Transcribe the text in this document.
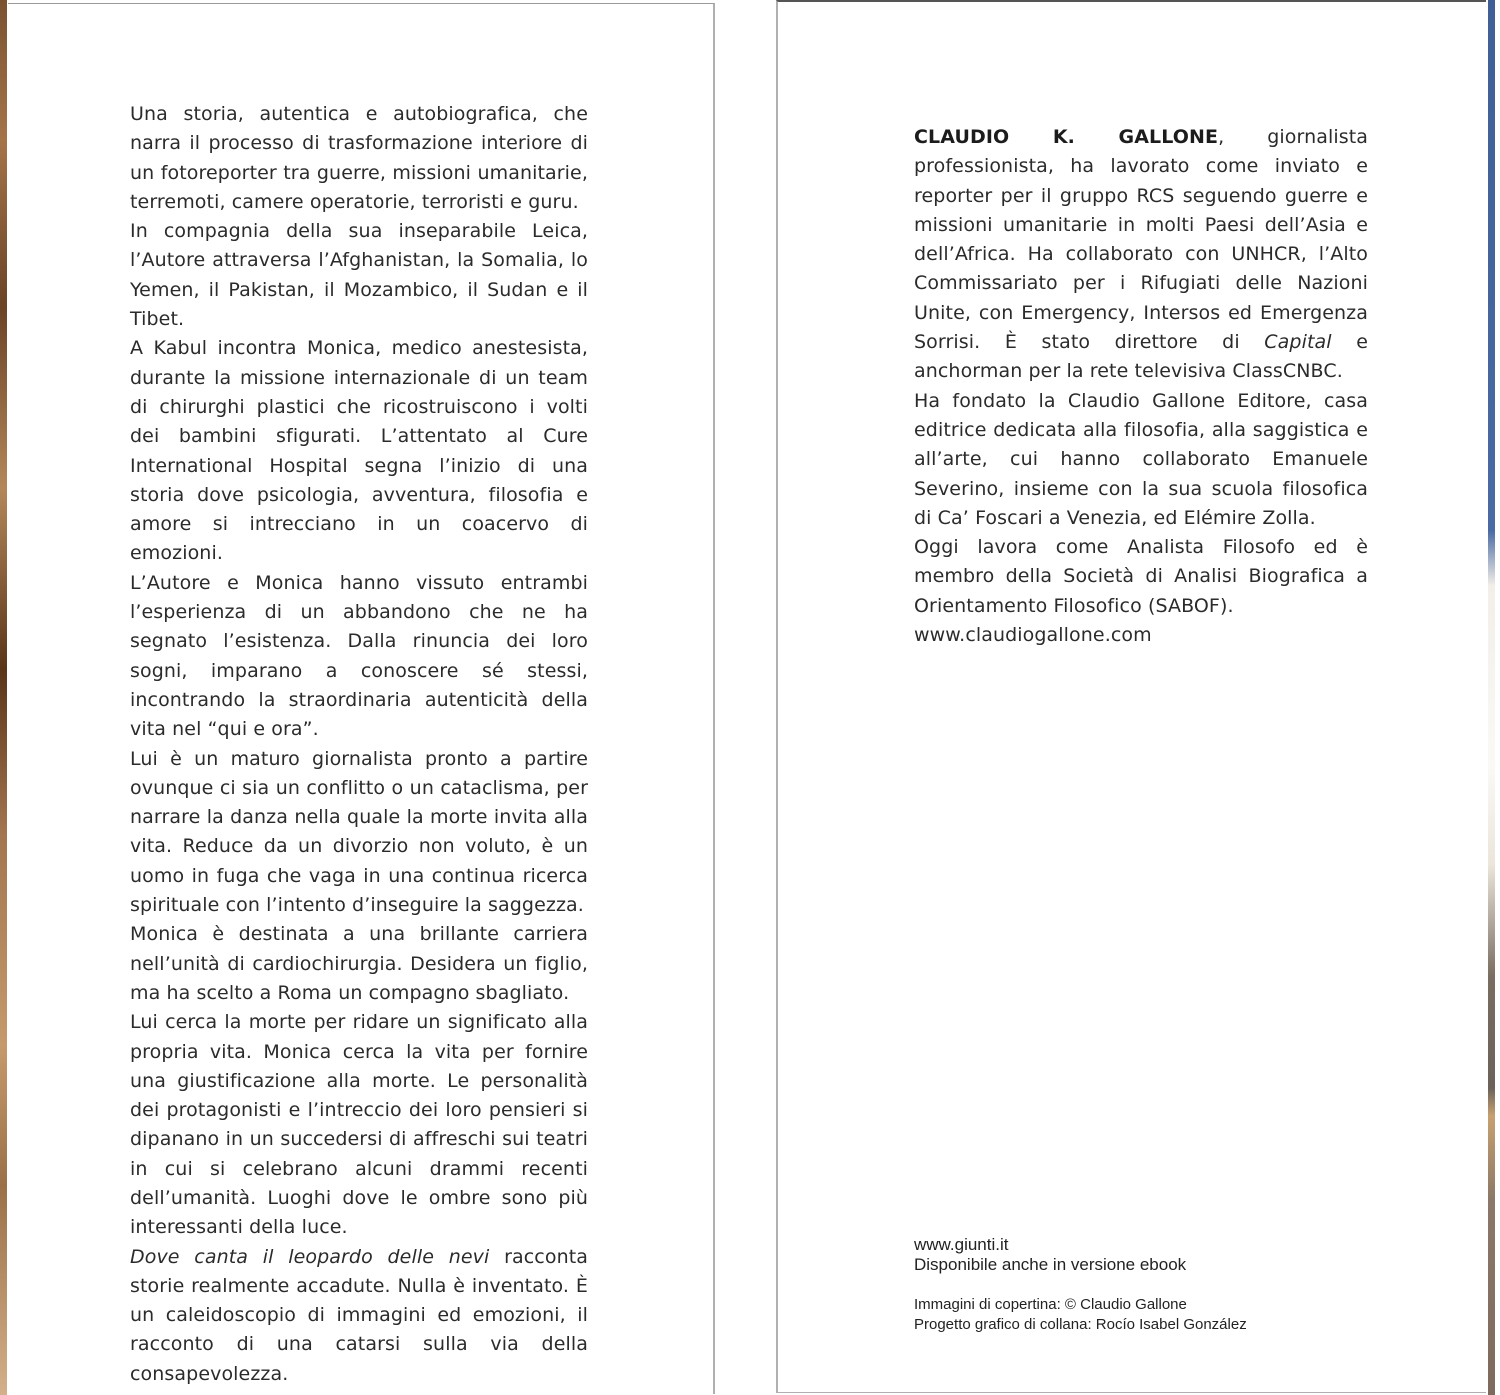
Una storia, autentica e autobiografica, che narra il processo di trasformazione interiore di un fotoreporter tra guerre, missioni umanitarie, terremoti, camere operatorie, terroristi e guru.

In compagnia della sua inseparabile Leica, l’Autore attraversa l’Afghanistan, la Somalia, lo Yemen, il Pakistan, il Mozambico, il Sudan e il Tibet.

A Kabul incontra Monica, medico anestesista, durante la missione internazionale di un team di chirurghi plastici che ricostruiscono i volti dei bambini sfigurati. L’attentato al Cure International Hospital segna l’inizio di una storia dove psicologia, avventura, filosofia e amore si intrecciano in un coacervo di emozioni.

L’Autore e Monica hanno vissuto entrambi l’esperienza di un abbandono che ne ha segnato l’esistenza. Dalla rinuncia dei loro sogni, imparano a conoscere sé stessi, incontrando la straordinaria autenticità della vita nel “qui e ora”.

Lui è un maturo giornalista pronto a partire ovunque ci sia un conflitto o un cataclisma, per narrare la danza nella quale la morte invita alla vita. Reduce da un divorzio non voluto, è un uomo in fuga che vaga in una continua ricerca spirituale con l’intento d’inseguire la saggezza.

Monica è destinata a una brillante carriera nell’unità di cardiochirurgia. Desidera un figlio, ma ha scelto a Roma un compagno sbagliato.

Lui cerca la morte per ridare un significato alla propria vita. Monica cerca la vita per fornire una giustificazione alla morte. Le personalità dei protagonisti e l’intreccio dei loro pensieri si dipanano in un succedersi di affreschi sui teatri in cui si celebrano alcuni drammi recenti dell’umanità. Luoghi dove le ombre sono più interessanti della luce.

Dove canta il leopardo delle nevi racconta storie realmente accadute. Nulla è inventato. È un caleidoscopio di immagini ed emozioni, il racconto di una catarsi sulla via della consapevolezza.

CLAUDIO K. GALLONE, giornalista professionista, ha lavorato come inviato e reporter per il gruppo RCS seguendo guerre e missioni umanitarie in molti Paesi dell’Asia e dell’Africa. Ha collaborato con UNHCR, l’Alto Commissariato per i Rifugiati delle Nazioni Unite, con Emergency, Intersos ed Emergenza Sorrisi. È stato direttore di Capital e anchorman per la rete televisiva ClassCNBC.

Ha fondato la Claudio Gallone Editore, casa editrice dedicata alla filosofia, alla saggistica e all’arte, cui hanno collaborato Emanuele Severino, insieme con la sua scuola filosofica di Ca’ Foscari a Venezia, ed Elémire Zolla.

Oggi lavora come Analista Filosofo ed è membro della Società di Analisi Biografica a Orientamento Filosofico (SABOF).

www.claudiogallone.com

www.giunti.it
Disponibile anche in versione ebook
Immagini di copertina: © Claudio Gallone
Progetto grafico di collana: Rocío Isabel González
